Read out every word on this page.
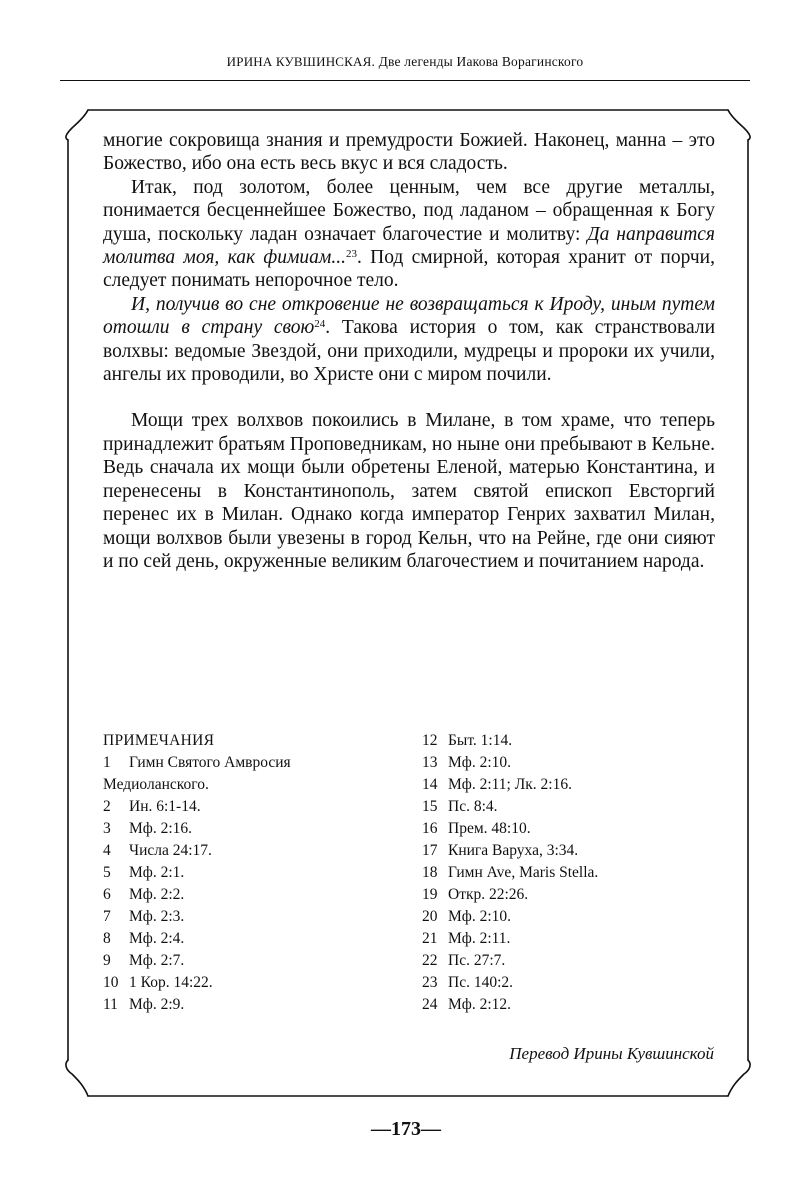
ИРИНА КУВШИНСКАЯ. Две легенды Иакова Ворагинского

многие сокровища знания и премудрости Божией. Наконец, манна – это Божество, ибо она есть весь вкус и вся сладость.

Итак, под золотом, более ценным, чем все другие металлы, понимается бесценнейшее Божество, под ладаном – обращенная к Богу душа, поскольку ладан означает благочестие и молитву: Да направится молитва моя, как фимиам...$^{23}$. Под смирной, которая хранит от порчи, следует понимать непорочное тело.

И, получив во сне откровение не возвращаться к Ироду, иным путем отошли в страну свою$^{24}$. Такова история о том, как странствовали волхвы: ведомые Звездой, они приходили, мудрецы и пророки их учили, ангелы их проводили, во Христе они с миром почили.

Мощи трех волхвов покоились в Милане, в том храме, что теперь принадлежит братьям Проповедникам, но ныне они пребывают в Кельне. Ведь сначала их мощи были обретены Еленой, матерью Константина, и перенесены в Константинополь, затем святой епископ Евсторгий перенес их в Милан. Однако когда император Генрих захватил Милан, мощи волхвов были увезены в город Кельн, что на Рейне, где они сияют и по сей день, окруженные великим благочестием и почитанием народа.

ПРИМЕЧАНИЯ
1	Гимн Святого Амвросия
Медиоланского.
2	Ин. 6:1-14.
3	Мф. 2:16.
4	Числа 24:17.
5	Мф. 2:1.
6	Мф. 2:2.
7	Мф. 2:3.
8	Мф. 2:4.
9	Мф. 2:7.
10 1 Кор. 14:22.
11 Мф. 2:9.
12 Быт. 1:14.
13 Мф. 2:10.
14 Мф. 2:11; Лк. 2:16.
15 Пс. 8:4.
16 Прем. 48:10.
17 Книга Варуха, 3:34.
18 Гимн Ave, Maris Stella.
19 Откр. 22:26.
20 Мф. 2:10.
21 Мф. 2:11.
22 Пс. 27:7.
23 Пс. 140:2.
24 Мф. 2:12.
Перевод Ирины Кувшинской
—173—
